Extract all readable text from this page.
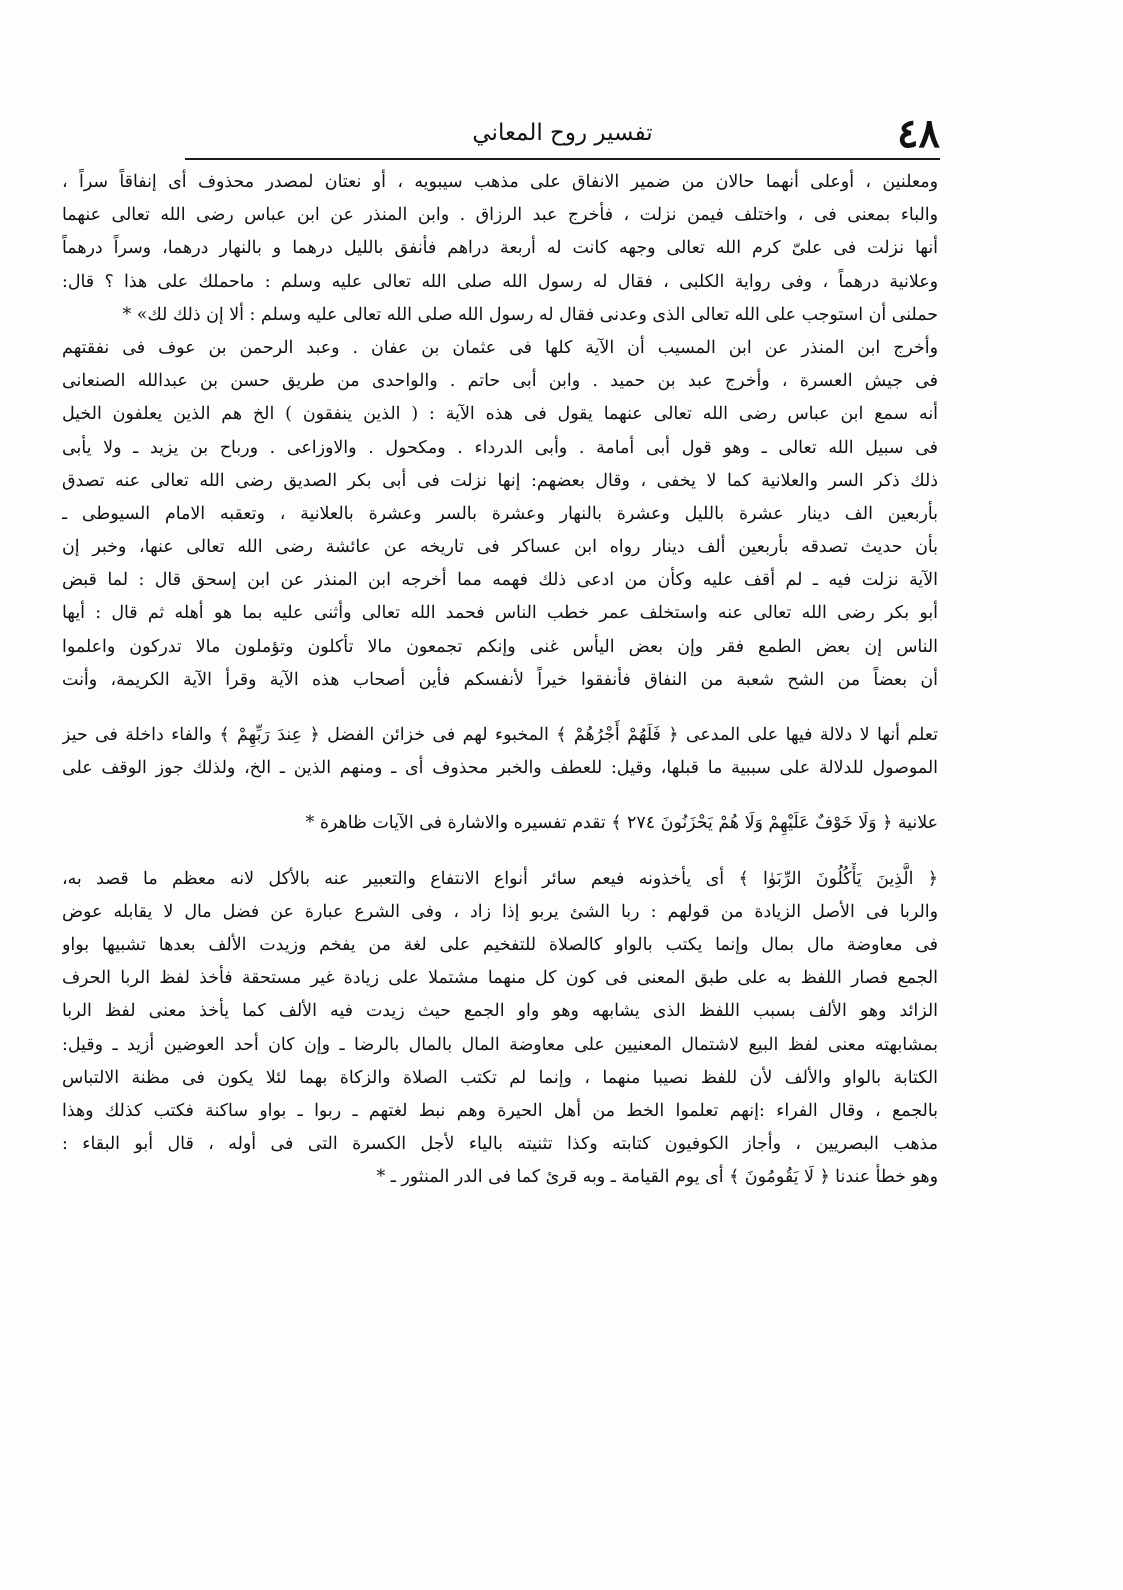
٤٨
تفسير روح المعاني
ومعلنين ، أوعلى أنهما حالان من ضمير الانفاق على مذهب سيبويه ، أو نعتان لمصدر محذوف أى إنفاقاً سراً ،
والباء بمعنى فى ، واختلف فيمن نزلت ، فأخرج عبد الرزاق . وابن المنذر عن ابن عباس رضى الله تعالى عنهما
أنها نزلت فى علىّ كرم الله تعالى وجهه كانت له أربعة دراهم فأنفق بالليل درهما و بالنهار درهما، وسراً درهماً
وعلانية درهماً ، وفى رواية الكلبى ، فقال له رسول الله صلى الله تعالى عليه وسلم : ماحملك على هذا ؟ قال:
حملنى أن استوجب على الله تعالى الذى وعدنى فقال له رسول الله صلى الله تعالى عليه وسلم : ألا إن ذلك لك» *
وأخرج ابن المنذر عن ابن المسيب أن الآية كلها فى عثمان بن عفان . وعبد الرحمن بن عوف فى نفقتهم
فى جيش العسرة ، وأخرج عبد بن حميد . وابن أبى حاتم . والواحدى من طريق حسن بن عبدالله الصنعانى
أنه سمع ابن عباس رضى الله تعالى عنهما يقول فى هذه الآية : ( الذين ينفقون ) الخ هم الذين يعلفون الخيل
فى سبيل الله تعالى ـ وهو قول أبى أمامة . وأبى الدرداء . ومكحول . والاوزاعى . ورباح بن يزيد ـ ولا يأبى
ذلك ذكر السر والعلانية كما لا يخفى ، وقال بعضهم: إنها نزلت فى أبى بكر الصديق رضى الله تعالى عنه تصدق
بأربعين الف دينار عشرة بالليل وعشرة بالنهار وعشرة بالسر وعشرة بالعلانية ، وتعقبه الامام السيوطى ـ
بأن حديث تصدقه بأربعين ألف دينار رواه ابن عساكر فى تاريخه عن عائشة رضى الله تعالى عنها، وخبر إن
الآية نزلت فيه ـ لم أقف عليه وكأن من ادعى ذلك فهمه مما أخرجه ابن المنذر عن ابن إسحق قال : لما قبض
أبو بكر رضى الله تعالى عنه واستخلف عمر خطب الناس فحمد الله تعالى وأثنى عليه بما هو أهله ثم قال : أيها
الناس إن بعض الطمع فقر وإن بعض اليأس غنى وإنكم تجمعون مالا تأكلون وتؤملون مالا تدركون واعلموا
أن بعضاً من الشح شعبة من النفاق فأنفقوا خيراً لأنفسكم فأين أصحاب هذه الآية وقرأ الآية الكريمة، وأنت
تعلم أنها لا دلالة فيها على المدعى ﴿ فَلَهُمْ أَجْرُهُمْ ﴾ المخبوء لهم فى خزائن الفضل ﴿ عِندَ رَبِّهِمْ ﴾ والفاء داخلة فى حيز
الموصول للدلالة على سببية ما قبلها، وقيل: للعطف والخبر محذوف أى ـ ومنهم الذين ـ الخ، ولذلك جوز الوقف على
علانية ﴿ وَلَا خَوْفٌ عَلَيْهِمْ وَلَا هُمْ يَحْزَنُونَ ٢٧٤ ﴾ تقدم تفسيره والاشارة فى الآيات ظاهرة *
﴿ الَّذِينَ يَأْكُلُونَ الرِّبَوٰا ﴾ أى يأخذونه فيعم سائر أنواع الانتفاع والتعبير عنه بالأكل لانه معظم ما قصد به،
والربا فى الأصل الزيادة من قولهم : ربا الشئ يربو إذا زاد ، وفى الشرع عبارة عن فضل مال لا يقابله عوض
فى معاوضة مال بمال وإنما يكتب بالواو كالصلاة للتفخيم على لغة من يفخم وزيدت الألف بعدها تشبيها بواو
الجمع فصار اللفظ به على طبق المعنى فى كون كل منهما مشتملا على زيادة غير مستحقة فأخذ لفظ الربا الحرف
الزائد وهو الألف بسبب اللفظ الذى يشابهه وهو واو الجمع حيث زيدت فيه الألف كما يأخذ معنى لفظ الربا
بمشابهته معنى لفظ البيع لاشتمال المعنيين على معاوضة المال بالمال بالرضا ـ وإن كان أحد العوضين أزيد ـ وقيل:
الكتابة بالواو والألف لأن للفظ نصيبا منهما ، وإنما لم تكتب الصلاة والزكاة بهما لئلا يكون فى مظنة الالتباس
بالجمع ، وقال الفراء :إنهم تعلموا الخط من أهل الحيرة وهم نبط لغتهم ـ ربوا ـ بواو ساكنة فكتب كذلك وهذا
مذهب البصريين ، وأجاز الكوفيون كتابته وكذا تثنيته بالياء لأجل الكسرة التى فى أوله ، قال أبو البقاء :
وهو خطأ عندنا ﴿ لَا يَقُومُونَ ﴾ أى يوم القيامة ـ وبه قرئ كما فى الدر المنثور ـ *
